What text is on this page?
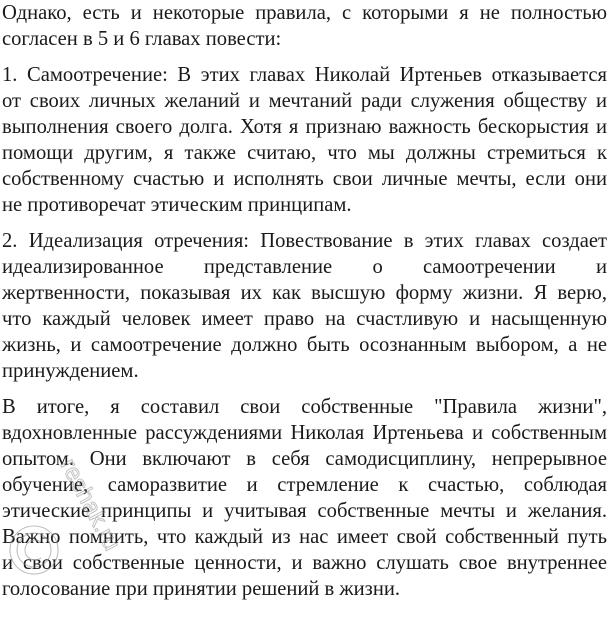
Однако, есть и некоторые правила, с которыми я не полностью
согласен в 5 и 6 главах повести:
1. Самоотречение: В этих главах Николай Иртеньев отказывается
от своих личных желаний и мечтаний ради служения обществу и
выполнения своего долга. Хотя я признаю важность бескорыстия и
помощи другим, я также считаю, что мы должны стремиться к
собственному счастью и исполнять свои личные мечты, если они
не противоречат этическим принципам.
2. Идеализация отречения: Повествование в этих главах создает
идеализированное представление о самоотречении и
жертвенности, показывая их как высшую форму жизни. Я верю,
что каждый человек имеет право на счастливую и насыщенную
жизнь, и самоотречение должно быть осознанным выбором, а не
принуждением.
В итоге, я составил свои собственные "Правила жизни",
вдохновленные рассуждениями Николая Иртеньева и собственным
опытом. Они включают в себя самодисциплину, непрерывное
обучение, саморазвитие и стремление к счастью, соблюдая
этические принципы и учитывая собственные мечты и желания.
Важно помнить, что каждый из нас имеет свой собственный путь
и свои собственные ценности, и важно слушать свое внутреннее
голосование при принятии решений в жизни.
reshak.ru
